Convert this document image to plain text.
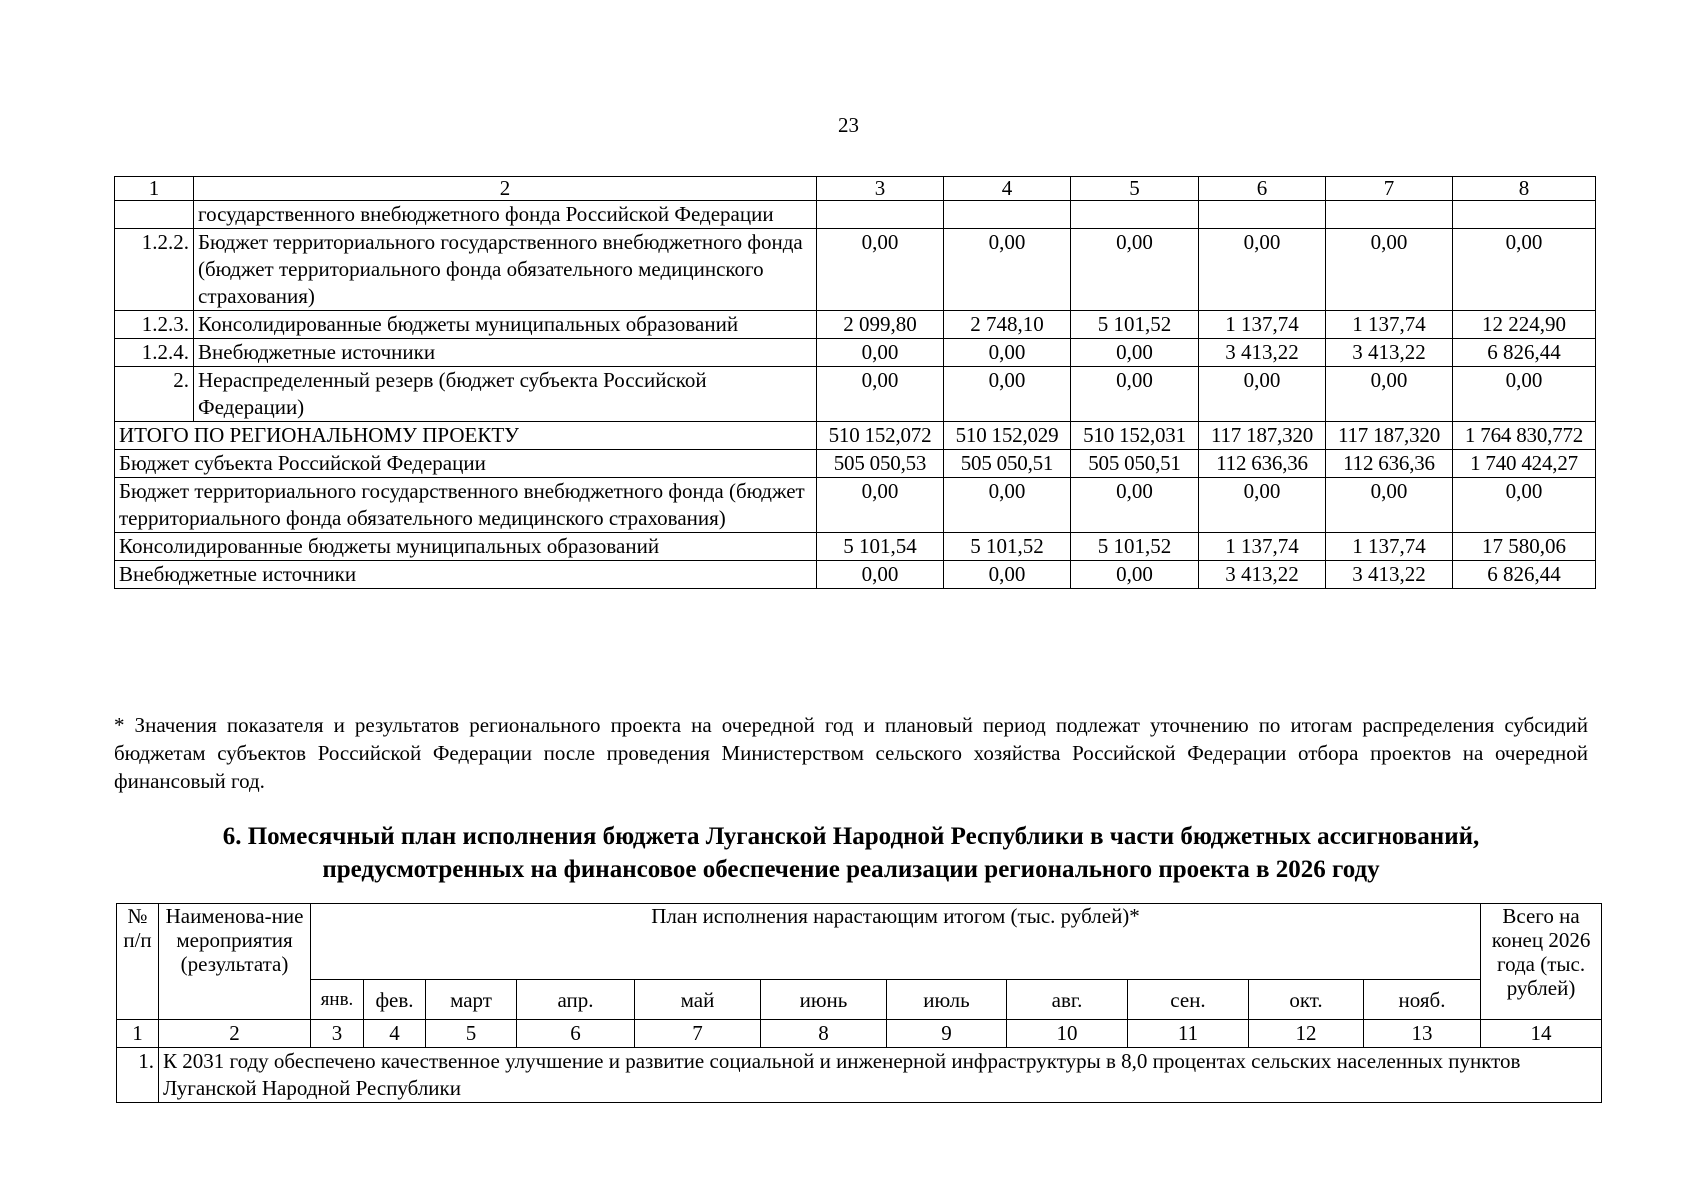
23
1	2	3	4	5	6	7	8
	государственного внебюджетного фонда Российской Федерации						
1.2.2.	Бюджет территориального государственного внебюджетного фонда (бюджет территориального фонда обязательного медицинского страхования)	0,00	0,00	0,00	0,00	0,00	0,00
1.2.3.	Консолидированные бюджеты муниципальных образований	2 099,80	2 748,10	5 101,52	1 137,74	1 137,74	12 224,90
1.2.4.	Внебюджетные источники	0,00	0,00	0,00	3 413,22	3 413,22	6 826,44
2.	Нераспределенный резерв (бюджет субъекта Российской Федерации)	0,00	0,00	0,00	0,00	0,00	0,00
ИТОГО ПО РЕГИОНАЛЬНОМУ ПРОЕКТУ		510 152,072	510 152,029	510 152,031	117 187,320	117 187,320	1 764 830,772
Бюджет субъекта Российской Федерации		505 050,53	505 050,51	505 050,51	112 636,36	112 636,36	1 740 424,27
Бюджет территориального государственного внебюджетного фонда (бюджет территориального фонда обязательного медицинского страхования)		0,00	0,00	0,00	0,00	0,00	0,00
Консолидированные бюджеты муниципальных образований		5 101,54	5 101,52	5 101,52	1 137,74	1 137,74	17 580,06
Внебюджетные источники		0,00	0,00	0,00	3 413,22	3 413,22	6 826,44
* Значения показателя и результатов регионального проекта на очередной год и плановый период подлежат уточнению по итогам распределения субсидий бюджетам субъектов Российской Федерации после проведения Министерством сельского хозяйства Российской Федерации отбора проектов на очередной финансовый год.
6. Помесячный план исполнения бюджета Луганской Народной Республики в части бюджетных ассигнований,
предусмотренных на финансовое обеспечение реализации регионального проекта в 2026 году
№ п/п	Наименова-ние мероприятия (результата)	План исполнения нарастающим итогом (тыс. рублей)*											Всего на конец 2026 года (тыс. рублей)
		янв.	фев.	март	апр.	май	июнь	июль	авг.	сен.	окт.	нояб.	
1	2	3	4	5	6	7	8	9	10	11	12	13	14
1.	К 2031 году обеспечено качественное улучшение и развитие социальной и инженерной инфраструктуры в 8,0 процентах сельских населенных пунктов Луганской Народной Республики												
